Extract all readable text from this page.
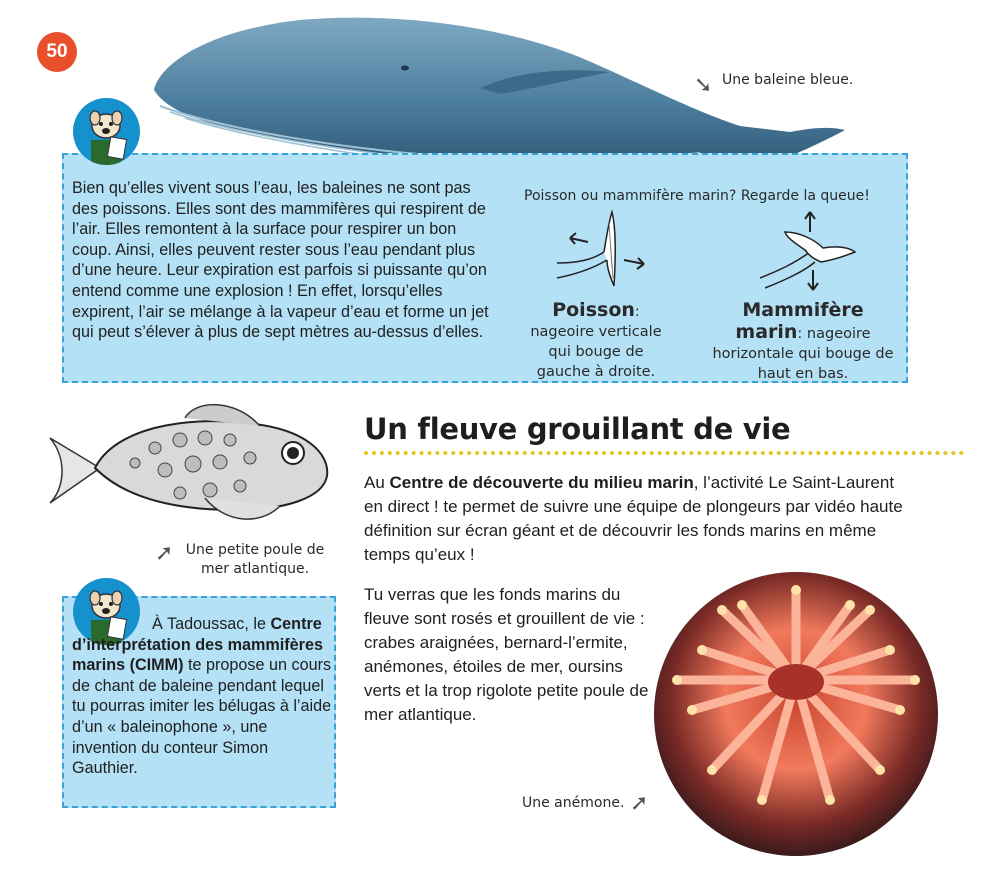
50
➘ Une baleine bleue.
Bien qu’elles vivent sous l’eau, les baleines ne sont pas des poissons. Elles sont des mammifères qui respirent de l’air. Elles remontent à la surface pour respirer un bon coup. Ainsi, elles peuvent rester sous l’eau pendant plus d’une heure. Leur expiration est parfois si puissante qu’on entend comme une explosion ! En effet, lorsqu’elles expirent, l’air se mélange à la vapeur d’eau et forme un jet qui peut s’élever à plus de sept mètres au-dessus d’elles.
Poisson ou mammifère marin? Regarde la queue!
Poisson: nageoire verticale qui bouge de gauche à droite.
Mammifère marin: nageoire horizontale qui bouge de haut en bas.
➚ Une petite poule de mer atlantique.
À Tadoussac, le Centre d’interprétation des mammifères marins (CIMM) te propose un cours de chant de baleine pendant lequel tu pourras imiter les bélugas à l’aide d’un « baleinophone », une invention du conteur Simon Gauthier.
Un fleuve grouillant de vie
Au Centre de découverte du milieu marin, l’activité Le Saint-Laurent en direct ! te permet de suivre une équipe de plongeurs par vidéo haute définition sur écran géant et de découvrir les fonds marins en même temps qu’eux !
Tu verras que les fonds marins du fleuve sont rosés et grouillent de vie : crabes araignées, bernard-l’ermite, anémones, étoiles de mer, oursins verts et la trop rigolote petite poule de mer atlantique.
Une anémone. ➚
